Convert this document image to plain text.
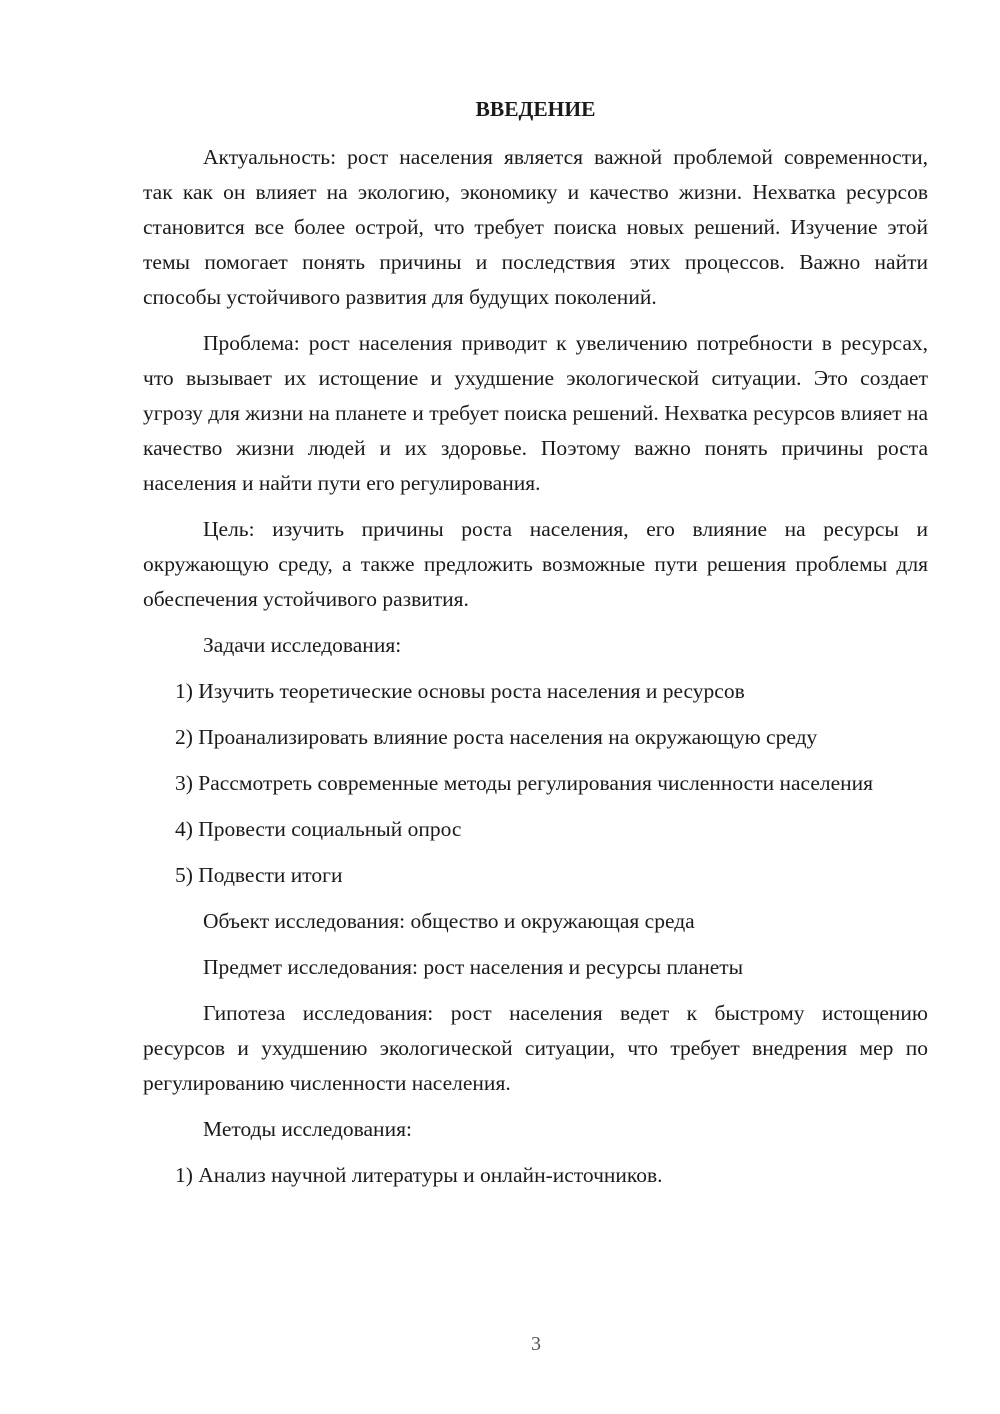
ВВЕДЕНИЕ

Актуальность: рост населения является важной проблемой современности, так как он влияет на экологию, экономику и качество жизни. Нехватка ресурсов становится все более острой, что требует поиска новых решений. Изучение этой темы помогает понять причины и последствия этих процессов. Важно найти способы устойчивого развития для будущих поколений.

Проблема: рост населения приводит к увеличению потребности в ресурсах, что вызывает их истощение и ухудшение экологической ситуации. Это создает угрозу для жизни на планете и требует поиска решений. Нехватка ресурсов влияет на качество жизни людей и их здоровье. Поэтому важно понять причины роста населения и найти пути его регулирования.

Цель: изучить причины роста населения, его влияние на ресурсы и окружающую среду, а также предложить возможные пути решения проблемы для обеспечения устойчивого развития.

Задачи исследования:

1) Изучить теоретические основы роста населения и ресурсов

2) Проанализировать влияние роста населения на окружающую среду

3) Рассмотреть современные методы регулирования численности населения

4) Провести социальный опрос

5) Подвести итоги

Объект исследования: общество и окружающая среда

Предмет исследования: рост населения и ресурсы планеты

Гипотеза исследования: рост населения ведет к быстрому истощению ресурсов и ухудшению экологической ситуации, что требует внедрения мер по регулированию численности населения.

Методы исследования:

1) Анализ научной литературы и онлайн-источников.

3
